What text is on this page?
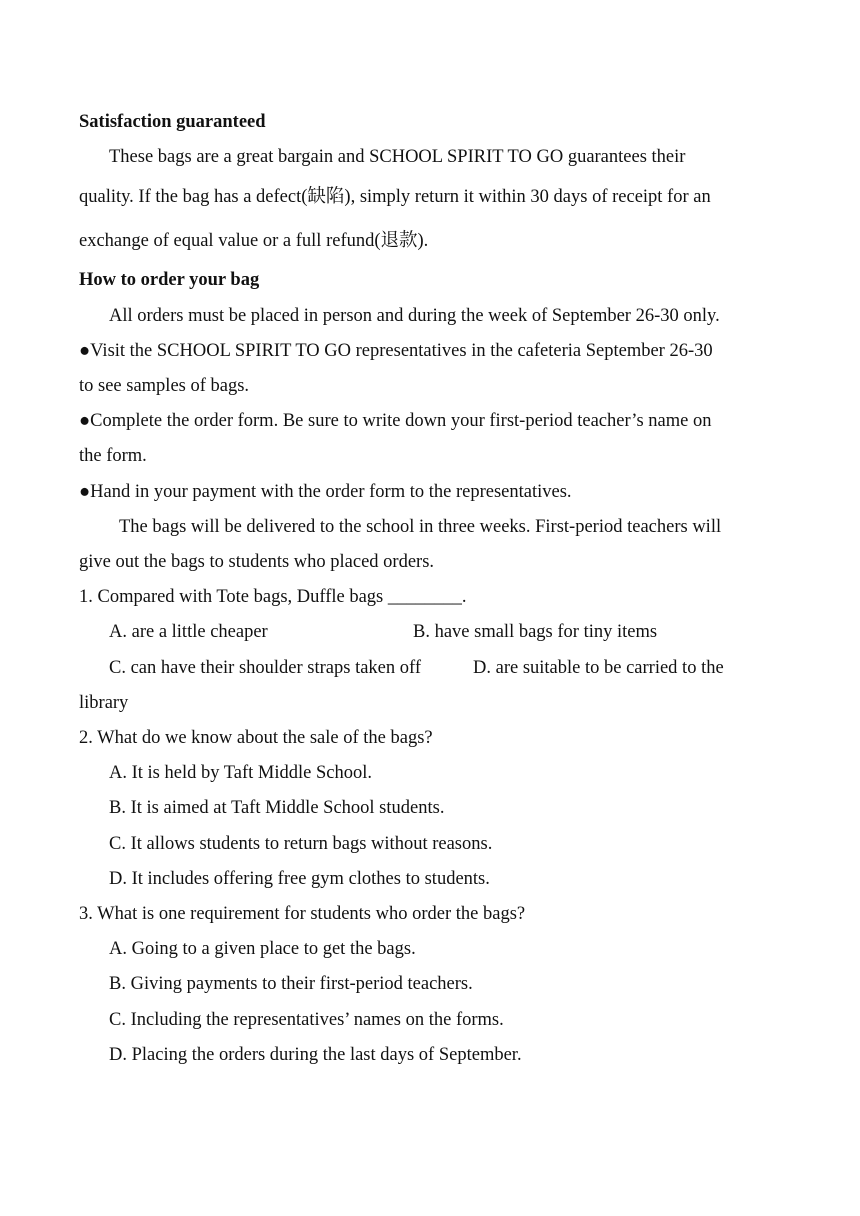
Satisfaction guaranteed

These bags are a great bargain and SCHOOL SPIRIT TO GO guarantees their

quality. If the bag has a defect(缺陷), simply return it within 30 days of receipt for an

exchange of equal value or a full refund(退款).

How to order your bag

All orders must be placed in person and during the week of September 26-30 only.

●Visit the SCHOOL SPIRIT TO GO representatives in the cafeteria September 26-30

to see samples of bags.

●Complete the order form. Be sure to write down your first-period teacher’s name on

the form.

●Hand in your payment with the order form to the representatives.

The bags will be delivered to the school in three weeks. First-period teachers will

give out the bags to students who placed orders.

1. Compared with Tote bags, Duffle bags ________.

A. are a little cheaper	B. have small bags for tiny items
C. can have their shoulder straps taken off	D. are suitable to be carried to the

library

2. What do we know about the sale of the bags?

A. It is held by Taft Middle School.

B. It is aimed at Taft Middle School students.

C. It allows students to return bags without reasons.

D. It includes offering free gym clothes to students.

3. What is one requirement for students who order the bags?

A. Going to a given place to get the bags.

B. Giving payments to their first-period teachers.

C. Including the representatives’ names on the forms.

D. Placing the orders during the last days of September.
